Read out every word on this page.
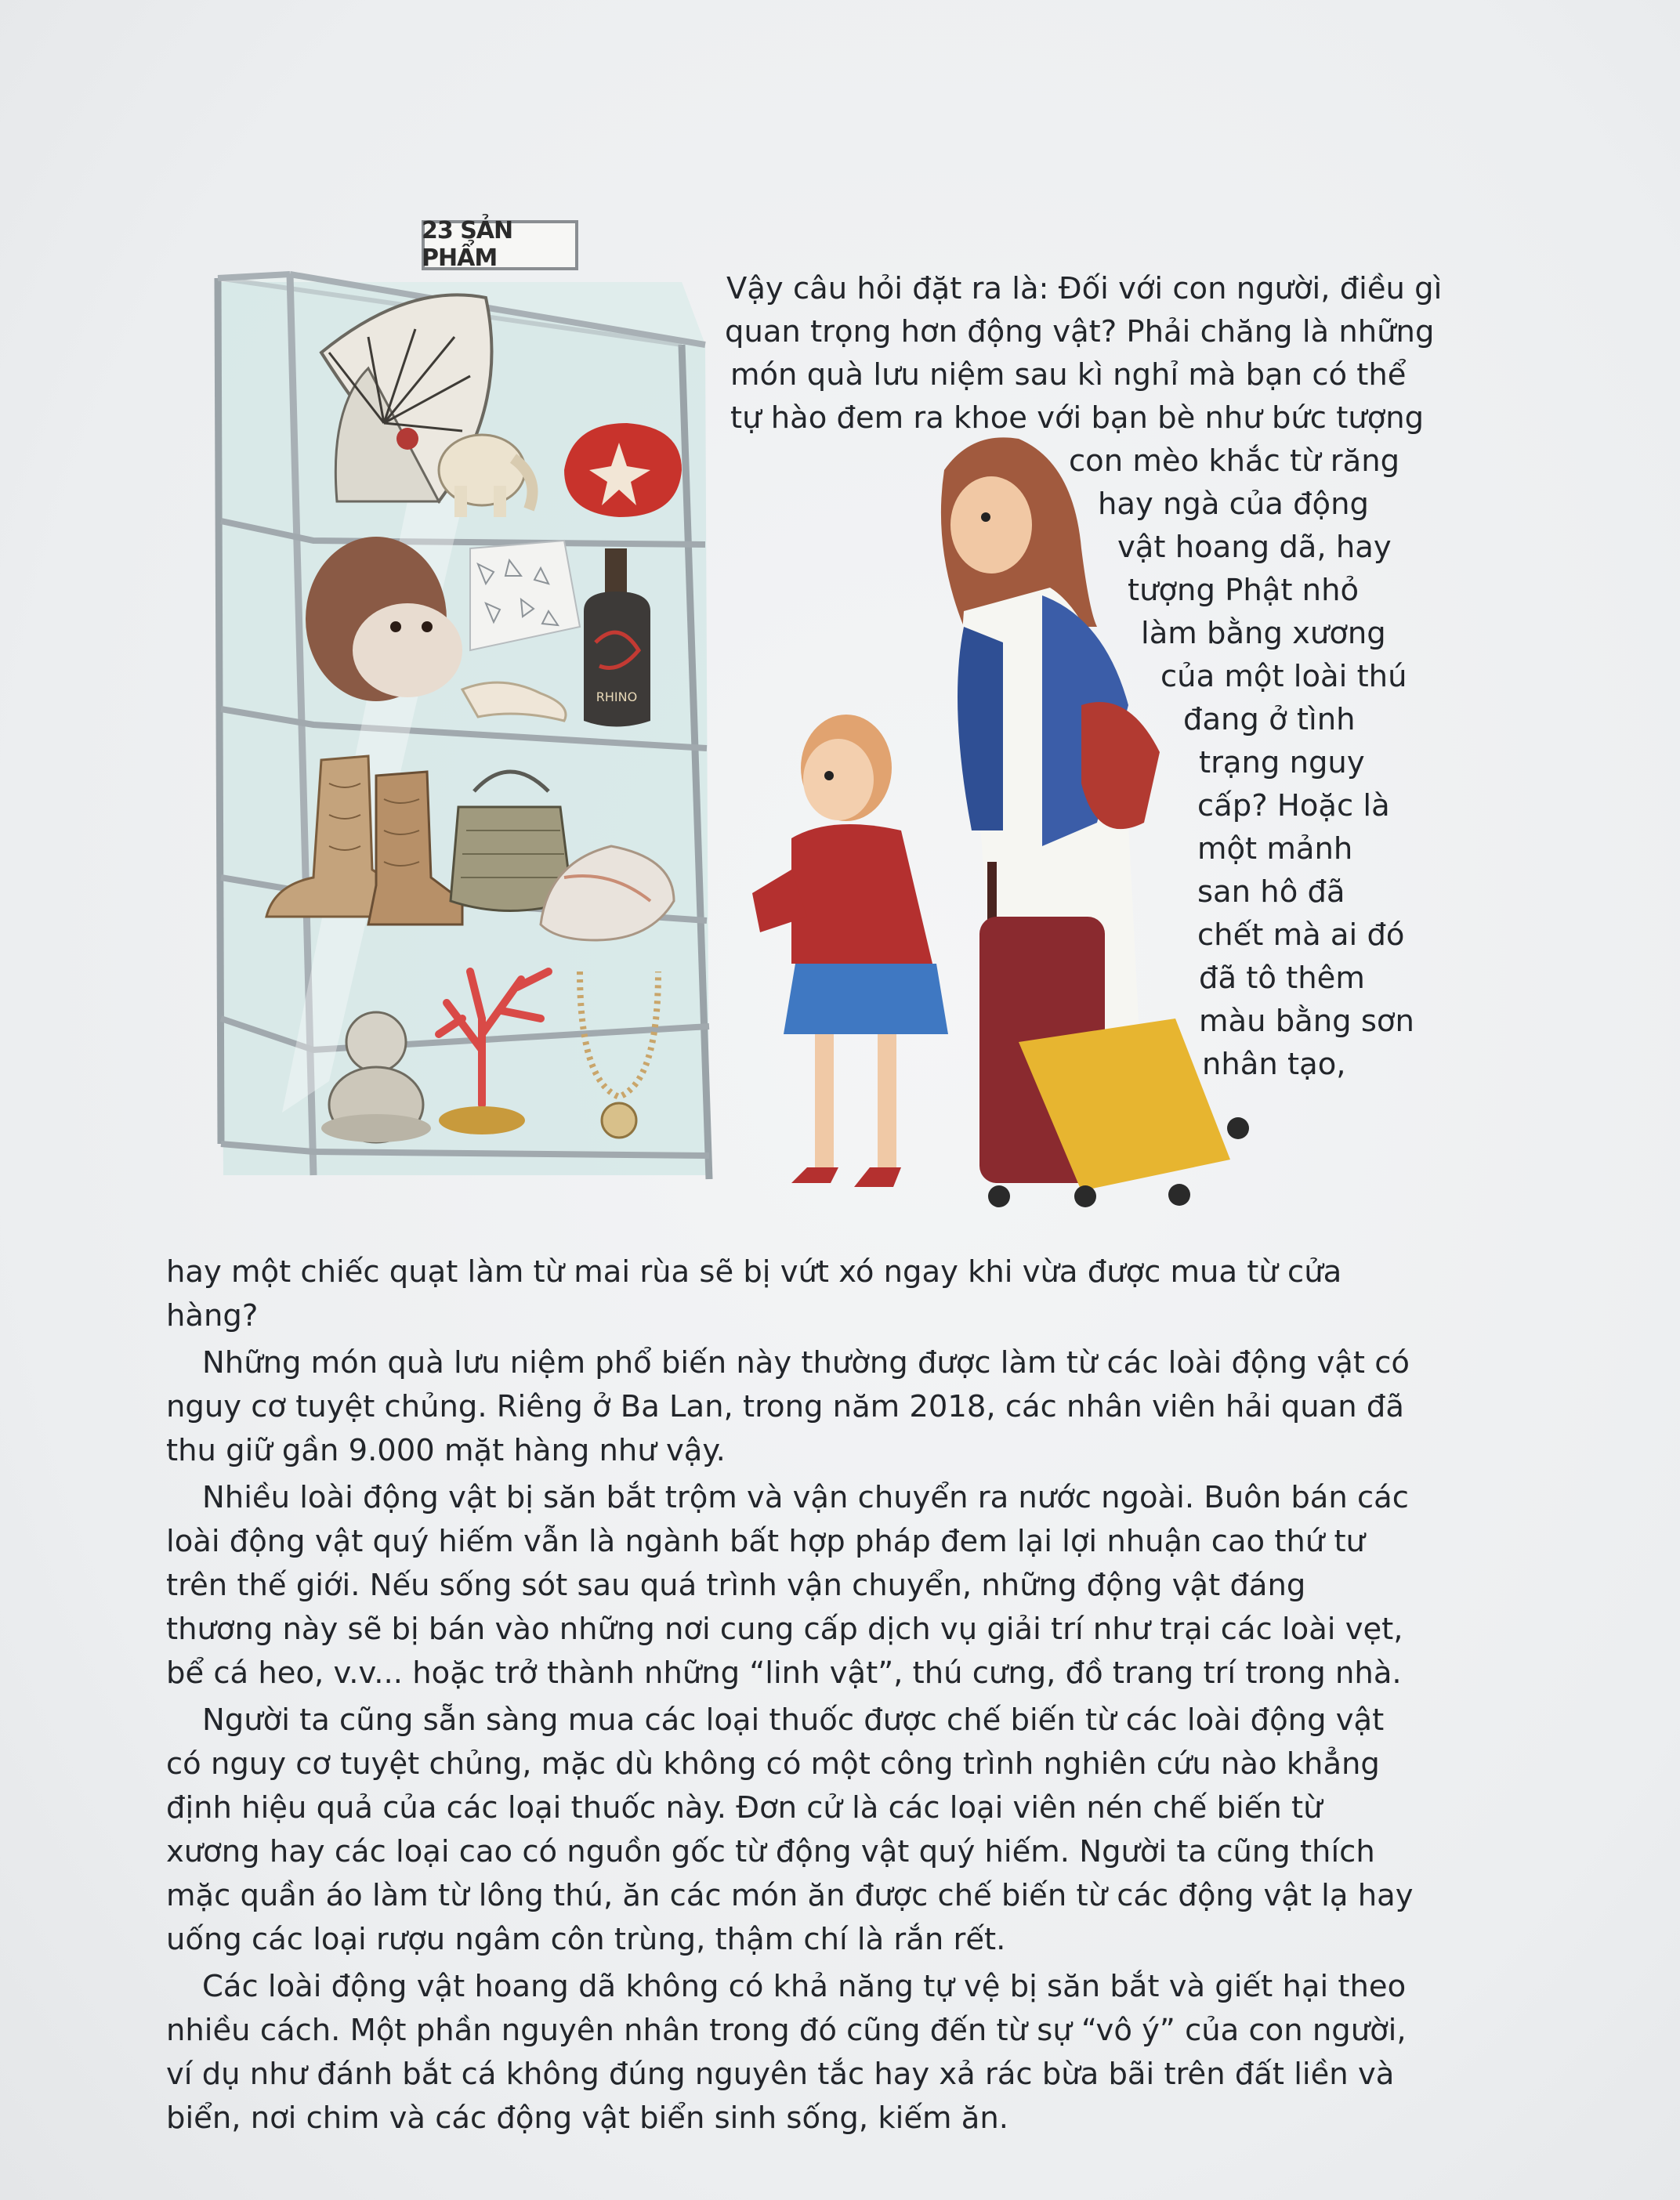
RHINO
23 SẢN PHẨM
Vậy câu hỏi đặt ra là: Đối với con người, điều gì
quan trọng hơn động vật? Phải chăng là những
món quà lưu niệm sau kì nghỉ mà bạn có thể
tự hào đem ra khoe với bạn bè như bức tượng
con mèo khắc từ răng
hay ngà của động
vật hoang dã, hay
tượng Phật nhỏ
làm bằng xương
của một loài thú
đang ở tình
trạng nguy
cấp? Hoặc là
một mảnh
san hô đã
chết mà ai đó
đã tô thêm
màu bằng sơn
nhân tạo,

hay một chiếc quạt làm từ mai rùa sẽ bị vứt xó ngay khi vừa được mua từ cửa hàng?

Những món quà lưu niệm phổ biến này thường được làm từ các loài động vật có nguy cơ tuyệt chủng. Riêng ở Ba Lan, trong năm 2018, các nhân viên hải quan đã thu giữ gần 9.000 mặt hàng như vậy.

Nhiều loài động vật bị săn bắt trộm và vận chuyển ra nước ngoài. Buôn bán các loài động vật quý hiếm vẫn là ngành bất hợp pháp đem lại lợi nhuận cao thứ tư trên thế giới. Nếu sống sót sau quá trình vận chuyển, những động vật đáng thương này sẽ bị bán vào những nơi cung cấp dịch vụ giải trí như trại các loài vẹt, bể cá heo, v.v... hoặc trở thành những “linh vật”, thú cưng, đồ trang trí trong nhà.

Người ta cũng sẵn sàng mua các loại thuốc được chế biến từ các loài động vật có nguy cơ tuyệt chủng, mặc dù không có một công trình nghiên cứu nào khẳng định hiệu quả của các loại thuốc này. Đơn cử là các loại viên nén chế biến từ xương hay các loại cao có nguồn gốc từ động vật quý hiếm. Người ta cũng thích mặc quần áo làm từ lông thú, ăn các món ăn được chế biến từ các động vật lạ hay uống các loại rượu ngâm côn trùng, thậm chí là rắn rết.

Các loài động vật hoang dã không có khả năng tự vệ bị săn bắt và giết hại theo nhiều cách. Một phần nguyên nhân trong đó cũng đến từ sự “vô ý” của con người, ví dụ như đánh bắt cá không đúng nguyên tắc hay xả rác bừa bãi trên đất liền và biển, nơi chim và các động vật biển sinh sống, kiếm ăn.
